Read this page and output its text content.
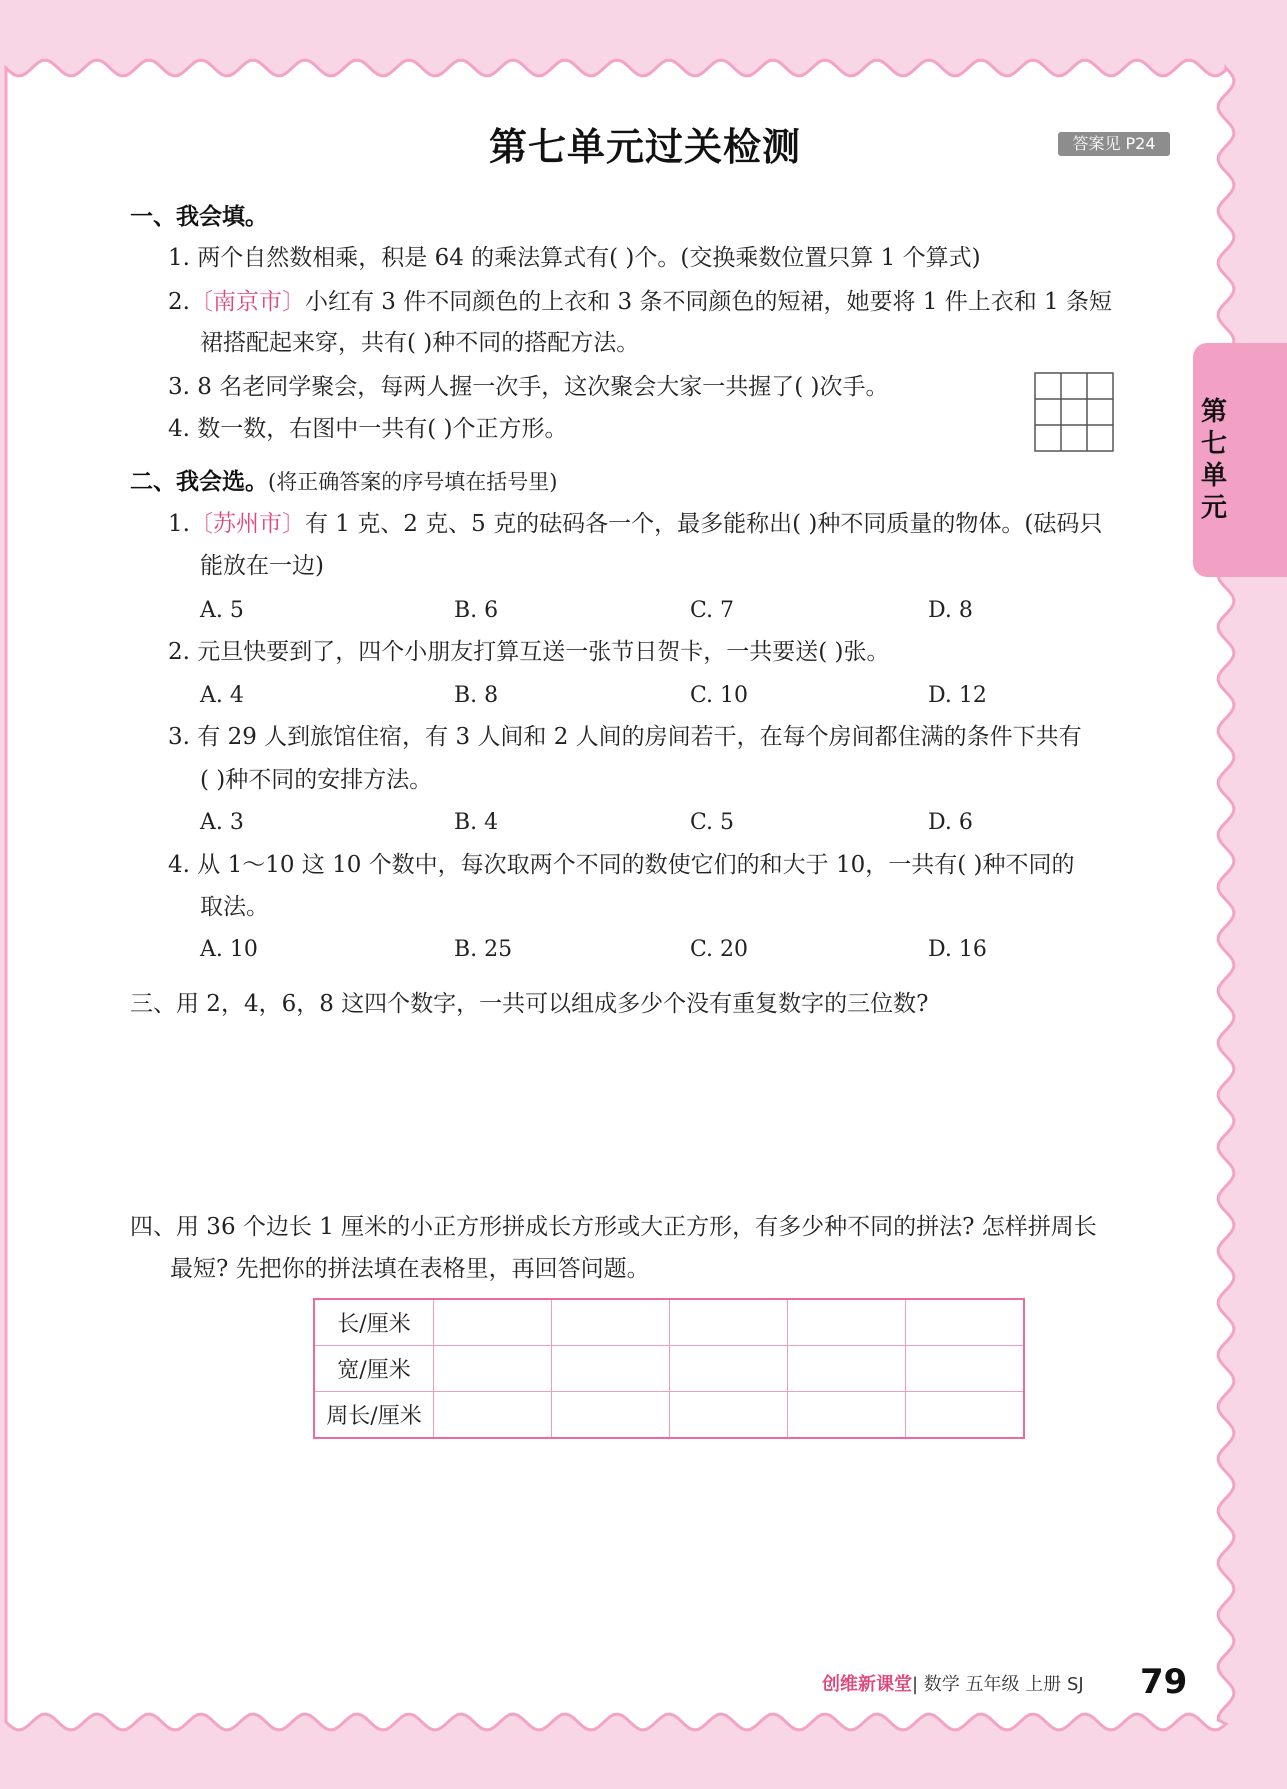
第七单元过关检测	答案见 P24
第七单元
一、我会填。
1. 两个自然数相乘，积是 64 的乘法算式有( )个。(交换乘数位置只算 1 个算式)
2.〔南京市〕小红有 3 件不同颜色的上衣和 3 条不同颜色的短裙，她要将 1 件上衣和 1 条短
裙搭配起来穿，共有( )种不同的搭配方法。
3. 8 名老同学聚会，每两人握一次手，这次聚会大家一共握了( )次手。
4. 数一数，右图中一共有( )个正方形。
二、我会选。(将正确答案的序号填在括号里)
1.〔苏州市〕有 1 克、2 克、5 克的砝码各一个，最多能称出( )种不同质量的物体。(砝码只
能放在一边)
A. 5	B. 6	C. 7	D. 8
2. 元旦快要到了，四个小朋友打算互送一张节日贺卡，一共要送( )张。
A. 4	B. 8	C. 10	D. 12
3. 有 29 人到旅馆住宿，有 3 人间和 2 人间的房间若干，在每个房间都住满的条件下共有
( )种不同的安排方法。
A. 3	B. 4	C. 5	D. 6
4. 从 1～10 这 10 个数中，每次取两个不同的数使它们的和大于 10，一共有( )种不同的
取法。
A. 10	B. 25	C. 20	D. 16
三、用 2，4，6，8 这四个数字，一共可以组成多少个没有重复数字的三位数?
四、用 36 个边长 1 厘米的小正方形拼成长方形或大正方形，有多少种不同的拼法? 怎样拼周长
最短? 先把你的拼法填在表格里，再回答问题。
长/厘米					
宽/厘米					
周长/厘米					
创维新课堂| 数学 五年级 上册 SJ 79
